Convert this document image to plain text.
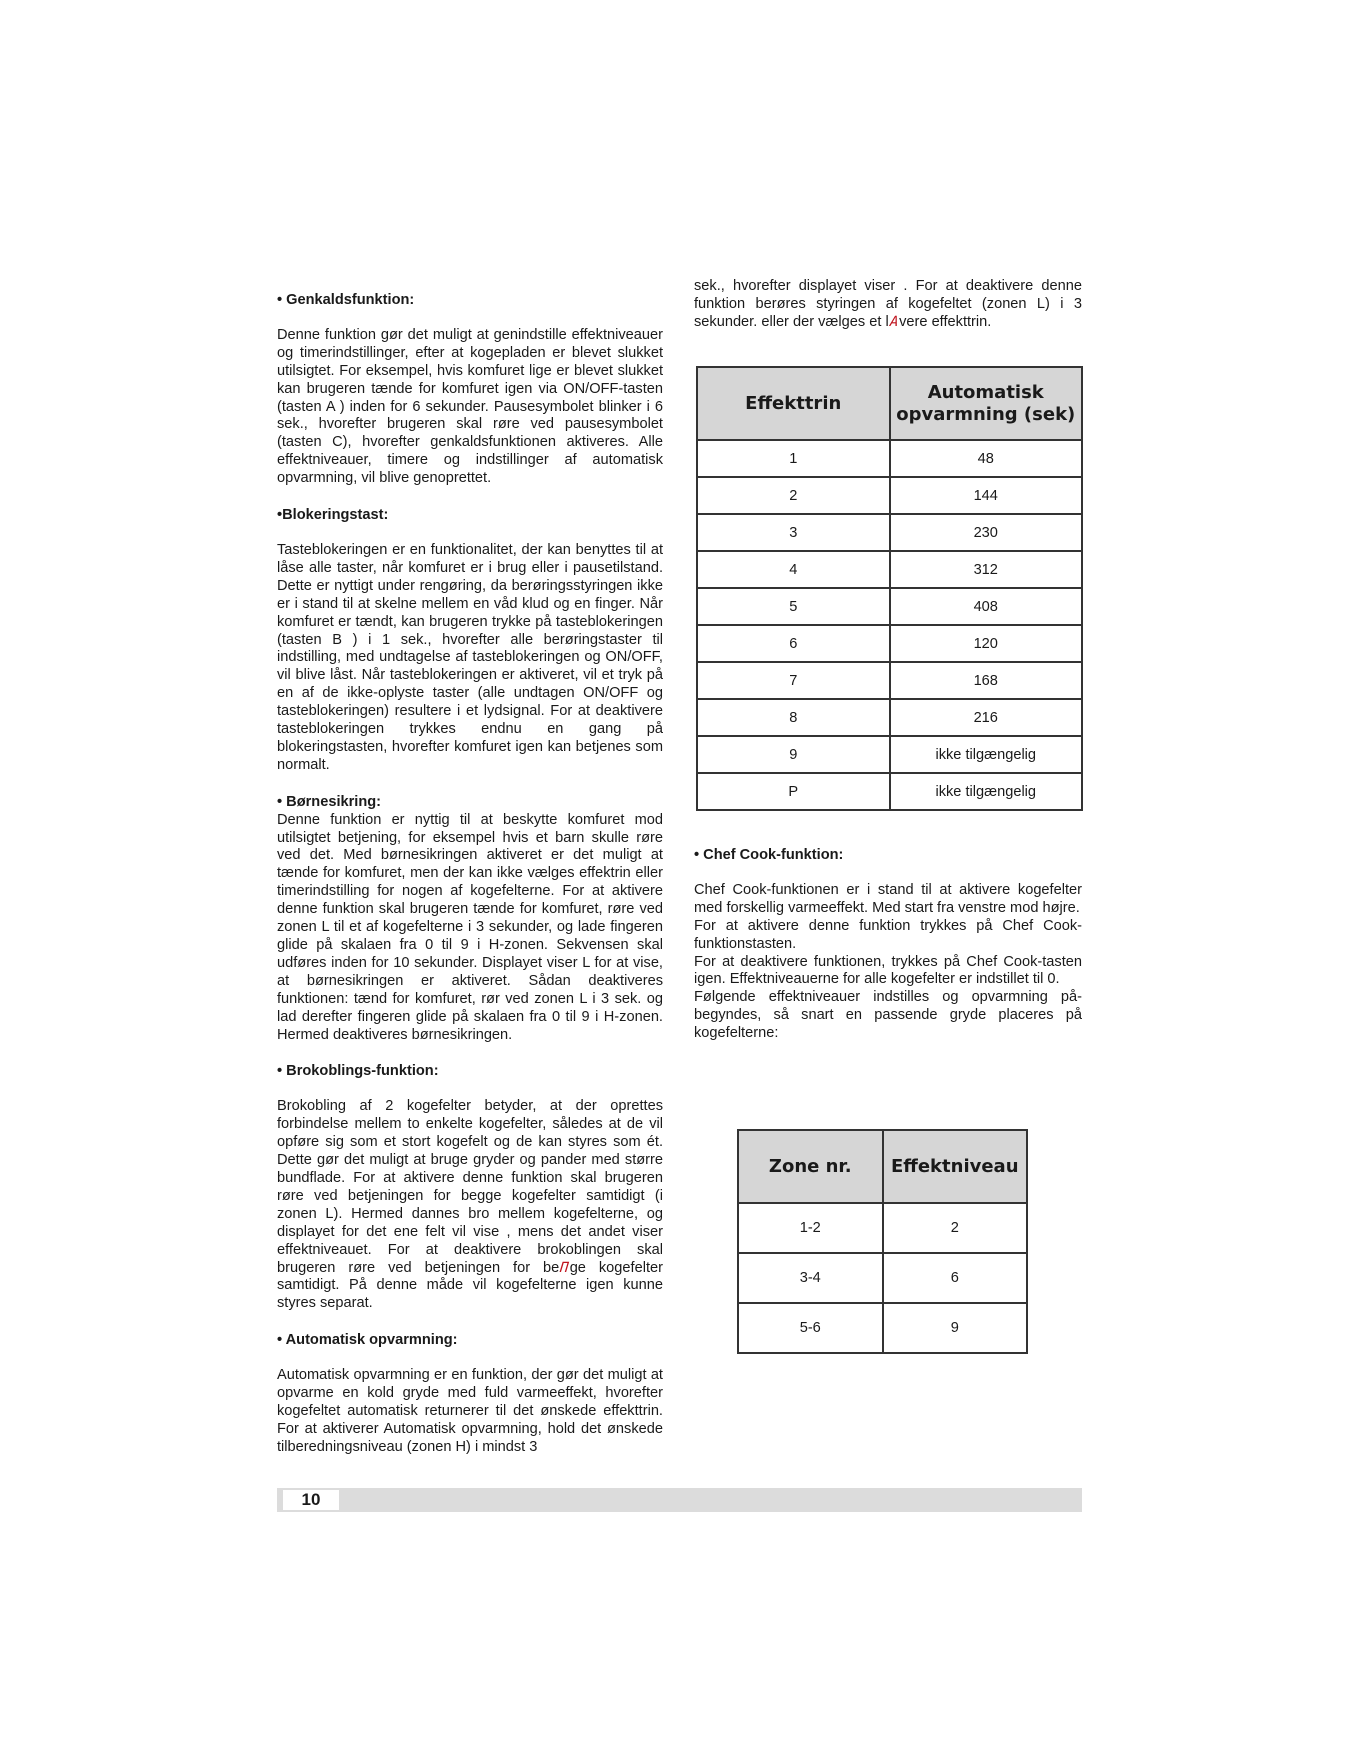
• Genkaldsfunktion:

Denne funktion gør det muligt at genindstille effektniveauer og timerindstillinger, efter at kogepladen er blevet slukket utilsigtet. For eksempel, hvis komfuret lige er blevet slukket kan brugeren tænde for komfuret igen via ON/OFF-tasten (tasten A ) inden for 6 sekunder. Pausesymbolet blinker i 6 sek., hvorefter brugeren skal røre ved pausesymbolet (tasten C), hvorefter genkaldsfunktionen aktiveres. Alle effektniveauer, timere og indstillinger af automatisk opvarmning, vil blive genoprettet.

•Blokeringstast:

Tasteblokeringen er en funktionalitet, der kan benyttes til at låse alle taster, når komfuret er i brug eller i pausetilstand. Dette er nyttigt under rengøring, da berøringsstyringen ikke er i stand til at skelne mellem en våd klud og en finger. Når komfuret er tændt, kan brugeren trykke på tasteblokeringen (tasten B ) i 1 sek., hvorefter alle berøringstaster til indstilling, med undtagelse af tasteblokeringen og ON/OFF, vil blive låst. Når tasteblokeringen er aktiveret, vil et tryk på en af de ikke-oplyste taster (alle undtagen ON/OFF og tasteblokeringen) resultere i et lydsignal. For at deaktivere tasteblokeringen trykkes endnu en gang på blokeringstasten, hvorefter komfuret igen kan betjenes som normalt.

• Børnesikring:

Denne funktion er nyttig til at beskytte komfuret mod utilsigtet betjening, for eksempel hvis et barn skulle røre ved det. Med børnesikringen aktiveret er det muligt at tænde for komfuret, men der kan ikke vælges effektrin eller timerindstilling for nogen af kogefelterne. For at aktivere denne funktion skal brugeren tænde for komfuret, røre ved zonen L til et af kogefelterne i 3 sekunder, og lade fingeren glide på skalaen fra 0 til 9 i H-zonen. Sekvensen skal udføres inden for 10 sekunder. Displayet viser L for at vise, at børnesikringen er aktiveret. Sådan deaktiveres funktionen: tænd for komfuret, rør ved zonen L i 3 sek. og lad derefter fingeren glide på skalaen fra 0 til 9 i H-zonen. Hermed deaktiveres børnesikringen.

• Brokoblings-funktion:

Brokobling af 2 kogefelter betyder, at der oprettes forbindelse mellem to enkelte kogefelter, således at de vil opføre sig som et stort kogefelt og de kan styres som ét. Dette gør det muligt at bruge gryder og pander med større bundflade. For at aktivere denne funktion skal brugeren røre ved betjeningen for begge kogefelter samtidigt (i zonen L). Hermed dannes bro mellem kogefelterne, og displayet for det ene felt vil vise , mens det andet viser effektniveauet. For at deaktivere brokoblingen skal brugeren røre ved betjeningen for beΠge kogefelter samtidigt. På denne måde vil kogefelterne igen kunne styres separat.

• Automatisk opvarmning:

Automatisk opvarmning er en funktion, der gør det muligt at opvarme en kold gryde med fuld varmeeffekt, hvorefter kogefeltet automatisk returnerer til det ønskede effekttrin. For at aktiverer Automatisk opvarmning, hold det ønskede tilberedningsniveau (zonen H) i mindst 3

sek., hvorefter displayet viser . For at deaktivere denne funktion berøres styringen af kogefeltet (zonen L) i 3 sekunder. eller der vælges et lAvere effekttrin.

Effekttrin	Automatisk opvarmning (sek)
1	48
2	144
3	230
4	312
5	408
6	120
7	168
8	216
9	ikke tilgængelig
P	ikke tilgængelig

• Chef Cook-funktion:

Chef Cook-funktionen er i stand til at aktivere kogefelter med forskellig varmeeffekt. Med start fra venstre mod højre.

For at aktivere denne funktion trykkes på Chef Cook-funktionstasten.

For at deaktivere funktionen, trykkes på Chef Cook-tasten igen. Effektniveauerne for alle kogefelter er indstillet til 0.

Følgende effektniveauer indstilles og opvarmning på-begyndes, så snart en passende gryde placeres på kogefelterne:

Zone nr.	Effektniveau
1-2	2
3-4	6
5-6	9
10
